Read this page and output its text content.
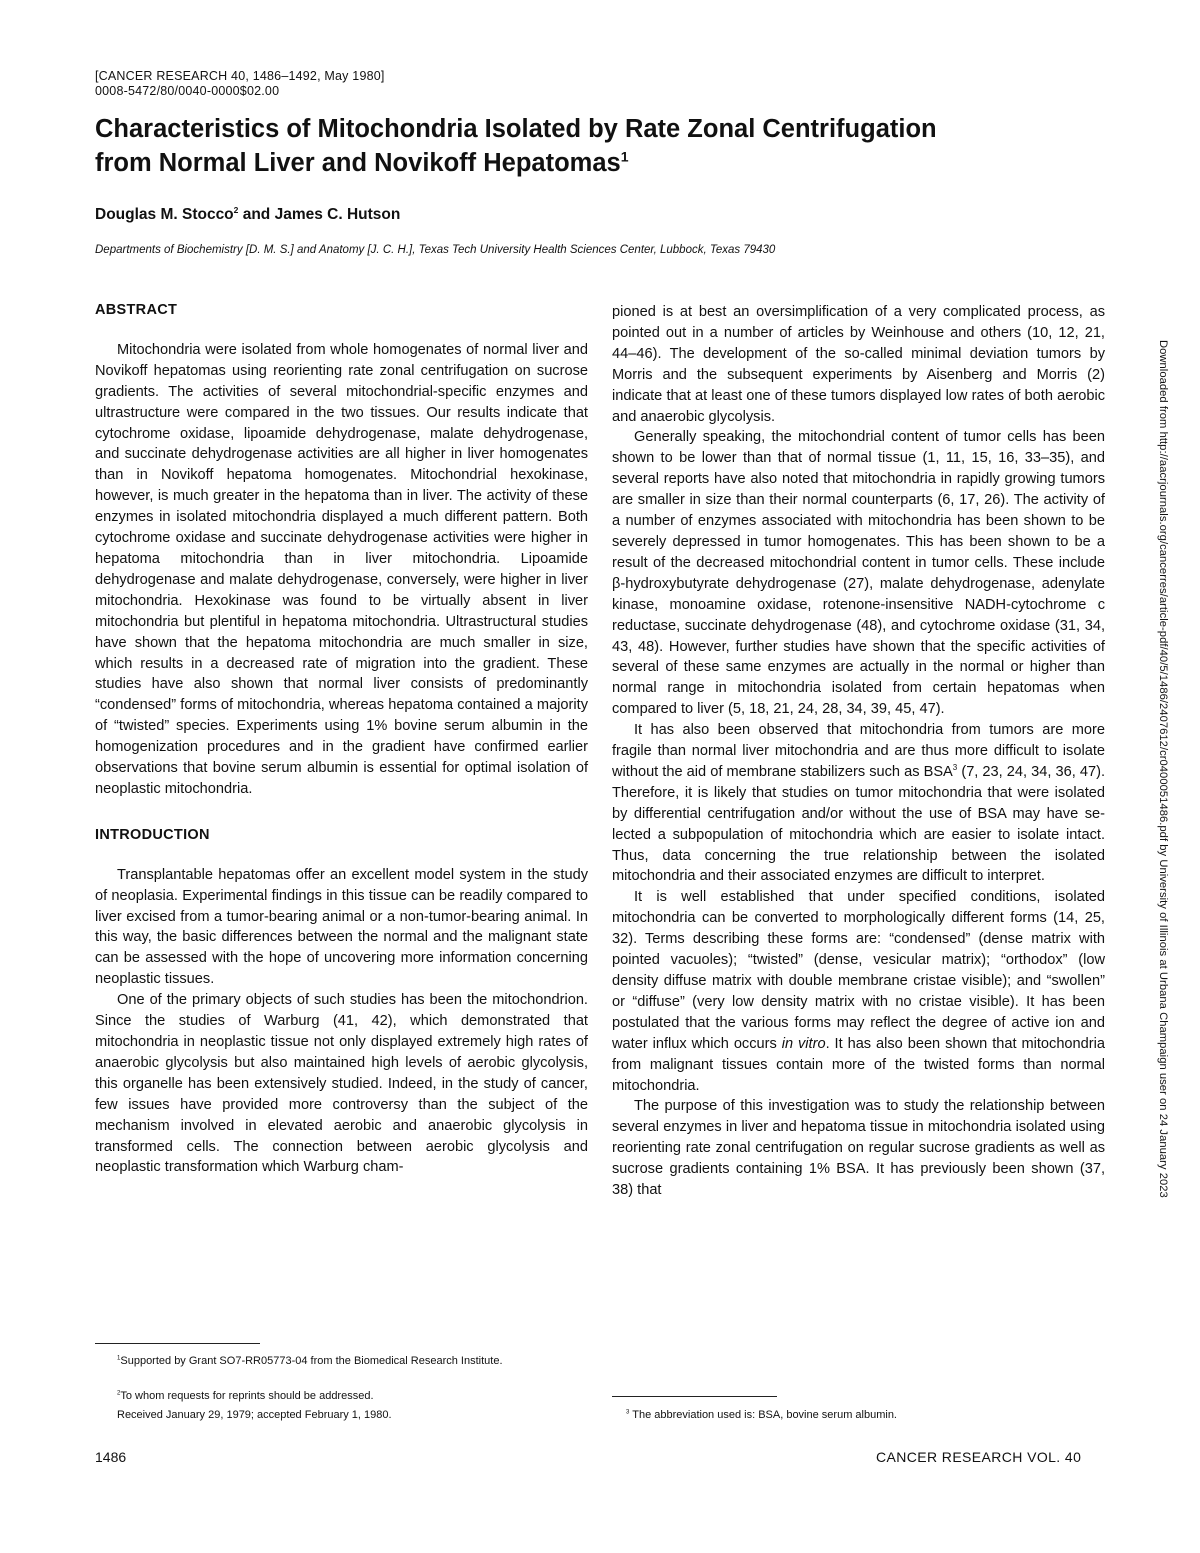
[CANCER RESEARCH 40, 1486–1492, May 1980]
0008-5472/80/0040-0000$02.00
Characteristics of Mitochondria Isolated by Rate Zonal Centrifugation
from Normal Liver and Novikoff Hepatomas$^1$
Douglas M. Stocco$^2$ and James C. Hutson
Departments of Biochemistry [D. M. S.] and Anatomy [J. C. H.], Texas Tech University Health Sciences Center, Lubbock, Texas 79430

ABSTRACT

Mitochondria were isolated from whole homogenates of normal liver and Novikoff hepatomas using reorienting rate zonal centrifugation on sucrose gradients. The activities of several mitochondrial-specific enzymes and ultrastructure were compared in the two tissues. Our results indicate that cytochrome oxidase, lipoamide dehydrogenase, malate dehydrogenase, and succinate dehydrogenase activities are all higher in liver homogenates than in Novikoff hepatoma homogenates. Mitochondrial hexokinase, however, is much greater in the hepatoma than in liver. The activity of these enzymes in isolated mitochondria displayed a much different pattern. Both cytochrome oxidase and succinate dehydrogenase activities were higher in hepatoma mitochondria than in liver mitochondria. Lipoamide dehydrogenase and malate dehydrogenase, conversely, were higher in liver mitochondria. Hexokinase was found to be virtually absent in liver mitochondria but plentiful in hepatoma mitochondria. Ultrastructural studies have shown that the hepatoma mitochondria are much smaller in size, which results in a decreased rate of migration into the gradient. These studies have also shown that normal liver consists of predominantly “condensed” forms of mitochondria, whereas hepatoma contained a majority of “twisted” species. Experiments using 1% bovine serum albumin in the homogenization procedures and in the gradient have confirmed earlier observations that bovine serum albumin is essential for optimal isolation of neoplastic mitochondria.

INTRODUCTION

Transplantable hepatomas offer an excellent model system in the study of neoplasia. Experimental findings in this tissue can be readily compared to liver excised from a tumor-bearing animal or a non-tumor-bearing animal. In this way, the basic differences between the normal and the malignant state can be assessed with the hope of uncovering more information concerning neoplastic tissues.

One of the primary objects of such studies has been the mitochondrion. Since the studies of Warburg (41, 42), which demonstrated that mitochondria in neoplastic tissue not only displayed extremely high rates of anaerobic glycolysis but also maintained high levels of aerobic glycolysis, this organelle has been extensively studied. Indeed, in the study of cancer, few issues have provided more controversy than the subject of the mechanism involved in elevated aerobic and anaerobic glycolysis in transformed cells. The connection between aerobic glycolysis and neoplastic transformation which Warburg cham-

pioned is at best an oversimplification of a very complicated process, as pointed out in a number of articles by Weinhouse and others (10, 12, 21, 44–46). The development of the so-called minimal deviation tumors by Morris and the subsequent experiments by Aisenberg and Morris (2) indicate that at least one of these tumors displayed low rates of both aerobic and anaerobic glycolysis.

Generally speaking, the mitochondrial content of tumor cells has been shown to be lower than that of normal tissue (1, 11, 15, 16, 33–35), and several reports have also noted that mitochondria in rapidly growing tumors are smaller in size than their normal counterparts (6, 17, 26). The activity of a number of enzymes associated with mitochondria has been shown to be severely depressed in tumor homogenates. This has been shown to be a result of the decreased mitochondrial content in tumor cells. These include β-hydroxybutyrate dehydrogenase (27), malate dehydrogenase, adenylate kinase, monoamine oxidase, rotenone-insensitive NADH-cytochrome c reductase, succinate dehydrogenase (48), and cytochrome oxidase (31, 34, 43, 48). However, further studies have shown that the specific activities of several of these same enzymes are actually in the normal or higher than normal range in mitochondria isolated from certain hepatomas when compared to liver (5, 18, 21, 24, 28, 34, 39, 45, 47).

It has also been observed that mitochondria from tumors are more fragile than normal liver mitochondria and are thus more difficult to isolate without the aid of membrane stabilizers such as BSA$^3$ (7, 23, 24, 34, 36, 47). Therefore, it is likely that studies on tumor mitochondria that were isolated by differential centrifugation and/or without the use of BSA may have selected a subpopulation of mitochondria which are easier to isolate intact. Thus, data concerning the true relationship between the isolated mitochondria and their associated enzymes are difficult to interpret.

It is well established that under specified conditions, isolated mitochondria can be converted to morphologically different forms (14, 25, 32). Terms describing these forms are: “condensed” (dense matrix with pointed vacuoles); “twisted” (dense, vesicular matrix); “orthodox” (low density diffuse matrix with double membrane cristae visible); and “swollen” or “diffuse” (very low density matrix with no cristae visible). It has been postulated that the various forms may reflect the degree of active ion and water influx which occurs in vitro. It has also been shown that mitochondria from malignant tissues contain more of the twisted forms than normal mitochondria.

The purpose of this investigation was to study the relationship between several enzymes in liver and hepatoma tissue in mitochondria isolated using reorienting rate zonal centrifugation on regular sucrose gradients as well as sucrose gradients containing 1% BSA. It has previously been shown (37, 38) that

$^1$Supported by Grant SO7-RR05773-04 from the Biomedical Research Institute.
$^2$To whom requests for reprints should be addressed.
Received January 29, 1979; accepted February 1, 1980.	$^3$ The abbreviation used is: BSA, bovine serum albumin.
1486	CANCER RESEARCH VOL. 40
Downloaded from http://aacrjournals.org/cancerres/article-pdf/40/5/1486/2407612/cr0400051486.pdf by University of Illinois at Urbana Champaign user on 24 January 2023
